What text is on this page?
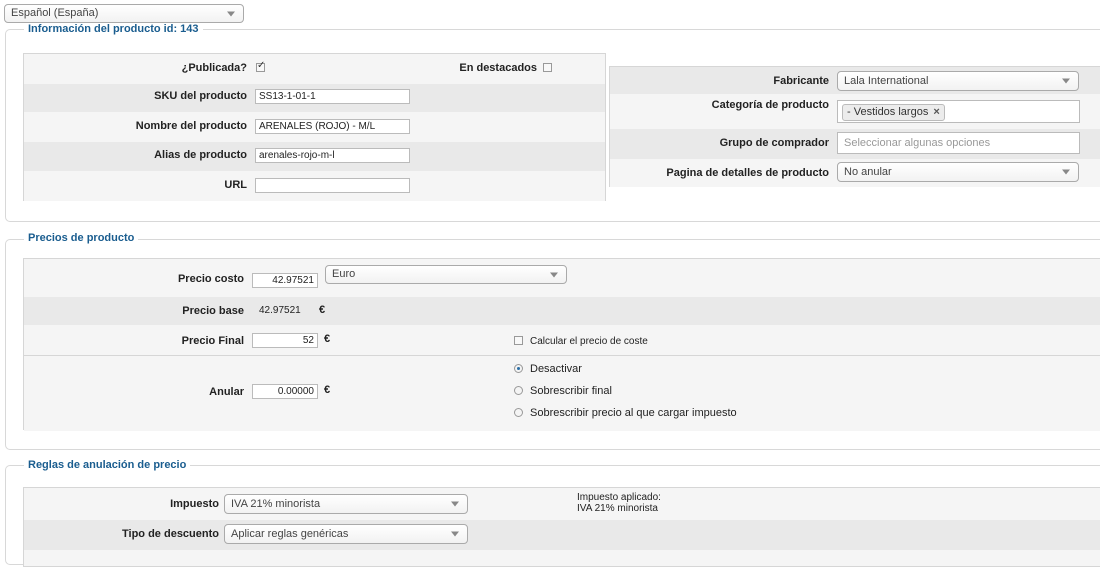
Español (España)
Información del producto id: 143
¿Publicada?
✓	En destacados
SKU del producto	SS13-1-01-1
Nombre del producto	ARENALES (ROJO) - M/L
Alias de producto	arenales-rojo-m-l
URL
Fabricante Lala International
Categoría de producto
- Vestidos largos ×
Grupo de comprador Seleccionar algunas opciones
Pagina de detalles de producto No anular
Precios de producto
Precio costo	42.97521
Euro
Precio base 42.97521 €
Precio Final	52 €	Calcular el precio de coste
Desactivar
Sobrescribir final
Sobrescribir precio al que cargar impuesto
Anular	0.00000 €
Reglas de anulación de precio
Impuesto IVA 21% minorista	Impuesto aplicado:
IVA 21% minorista
Tipo de descuento Aplicar reglas genéricas
